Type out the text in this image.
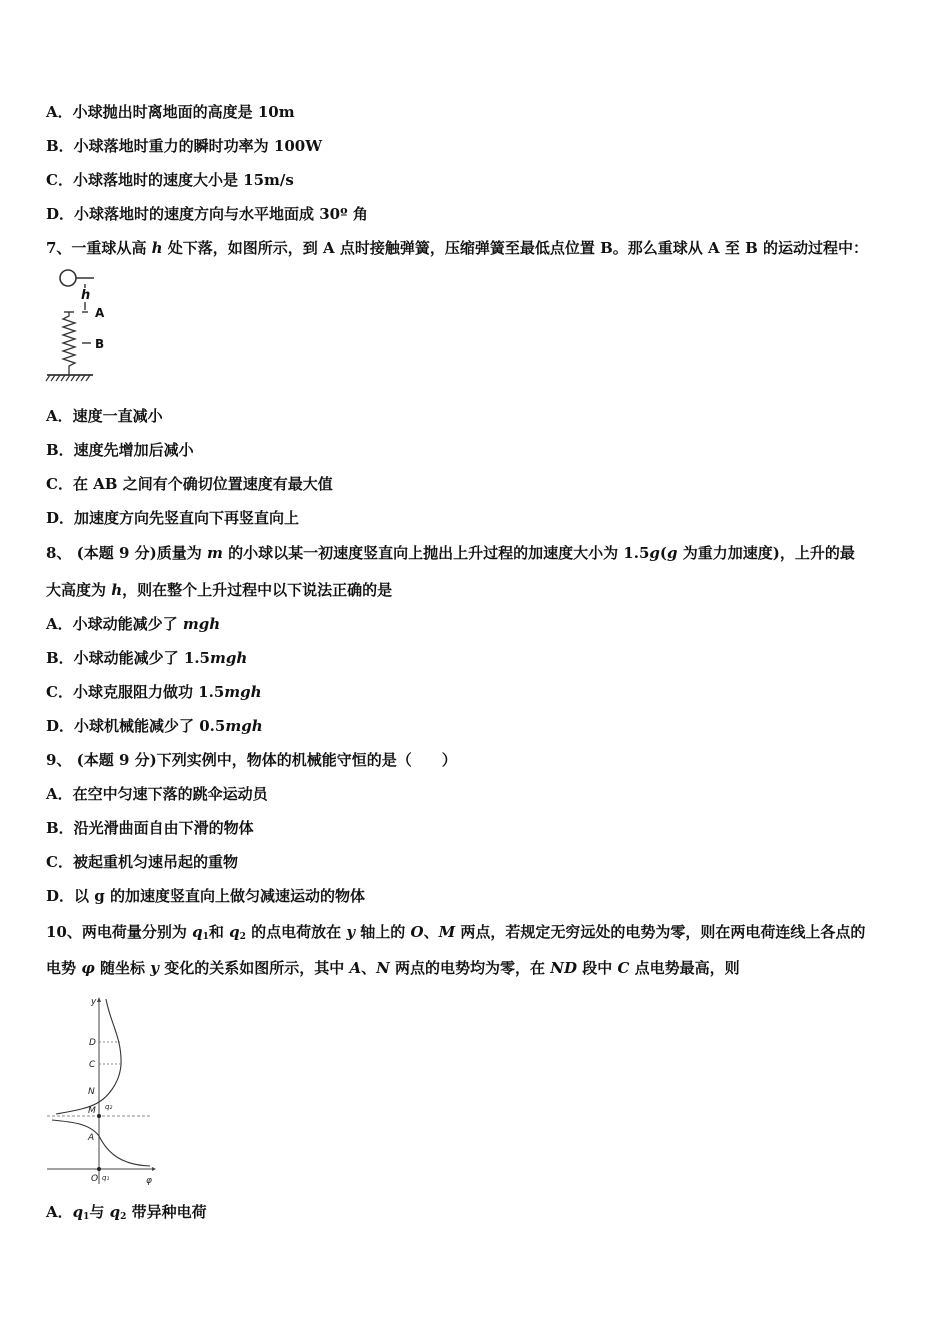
A．小球抛出时离地面的高度是 10m
B．小球落地时重力的瞬时功率为 100W
C．小球落地时的速度大小是 15m/s
D．小球落地时的速度方向与水平地面成 30º 角
7、一重球从高 h 处下落，如图所示，到 A 点时接触弹簧，压缩弹簧至最低点位置 B。那么重球从 A 至 B 的运动过程中：
h
A
B
A．速度一直减小
B．速度先增加后减小
C．在 AB 之间有个确切位置速度有最大值
D．加速度方向先竖直向下再竖直向上
8、 (本题 9 分)质量为 m 的小球以某一初速度竖直向上抛出上升过程的加速度大小为 1.5g(g 为重力加速度)，上升的最
大高度为 h，则在整个上升过程中以下说法正确的是
A．小球动能减少了 mgh
B．小球动能减少了 1.5mgh
C．小球克服阻力做功 1.5mgh
D．小球机械能减少了 0.5mgh
9、 (本题 9 分)下列实例中，物体的机械能守恒的是（　　）
A．在空中匀速下落的跳伞运动员
B．沿光滑曲面自由下滑的物体
C．被起重机匀速吊起的重物
D．以 g 的加速度竖直向上做匀减速运动的物体
10、两电荷量分别为 $q_1$和 $q_2$ 的点电荷放在 y 轴上的 O、M 两点，若规定无穷远处的电势为零，则在两电荷连线上各点的
电势 φ 随坐标 y 变化的关系如图所示，其中 A、N 两点的电势均为零，在 ND 段中 C 点电势最高，则
y
φ
O q₁
D
C
N
M q₂
A
A．$q_1$与 $q_2$ 带异种电荷
